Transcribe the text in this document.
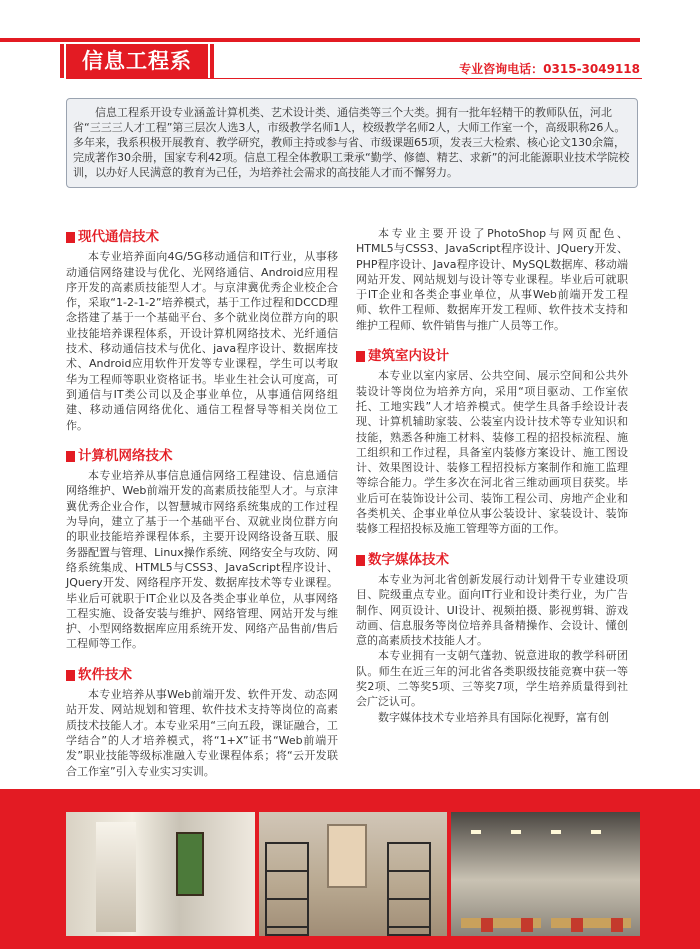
信息工程系	专业咨询电话：0315-3049118
信息工程系开设专业涵盖计算机类、艺术设计类、通信类等三个大类。拥有一批年轻精干的教师队伍，河北省“三三三人才工程”第三层次人选3人，市级教学名师1人，校级教学名师2人，大师工作室一个，高级职称26人。多年来，我系积极开展教育、教学研究，教师主持或参与省、市级课题65项，发表三大检索、核心论文130余篇，完成著作30余册，国家专利42项。信息工程全体教职工秉承“勤学、修德、精艺、求新”的河北能源职业技术学院校训，以办好人民满意的教育为己任，为培养社会需求的高技能人才而不懈努力。
现代通信技术

本专业培养面向4G/5G移动通信和IT行业，从事移动通信网络建设与优化、光网络通信、Android应用程序开发的高素质技能型人才。与京津冀优秀企业校企合作，采取“1-2-1-2”培养模式，基于工作过程和DCCD理念搭建了基于一个基础平台、多个就业岗位群方向的职业技能培养课程体系，开设计算机网络技术、光纤通信技术、移动通信技术与优化、java程序设计、数据库技术、Android应用软件开发等专业课程，学生可以考取华为工程师等职业资格证书。毕业生社会认可度高，可到通信与IT类公司以及企事业单位，从事通信网络组建、移动通信网络优化、通信工程督导等相关岗位工作。

计算机网络技术

本专业培养从事信息通信网络工程建设、信息通信网络维护、Web前端开发的高素质技能型人才。与京津冀优秀企业合作，以智慧城市网络系统集成的工作过程为导向，建立了基于一个基础平台、双就业岗位群方向的职业技能培养课程体系，主要开设网络设备互联、服务器配置与管理、Linux操作系统、网络安全与攻防、网络系统集成、HTML5与CSS3、JavaScript程序设计、JQuery开发、网络程序开发、数据库技术等专业课程。毕业后可就职于IT企业以及各类企事业单位，从事网络工程实施、设备安装与维护、网络管理、网站开发与维护、小型网络数据库应用系统开发、网络产品售前/售后工程师等工作。

软件技术

本专业培养从事Web前端开发、软件开发、动态网站开发、网站规划和管理、软件技术支持等岗位的高素质技术技能人才。本专业采用“三向五段，课证融合，工学结合”的人才培养模式，将“1+X”证书“Web前端开发”职业技能等级标准融入专业课程体系；将“云开发联合工作室”引入专业实习实训。

本专业主要开设了PhotoShop与网页配色、HTML5与CSS3、JavaScript程序设计、JQuery开发、PHP程序设计、Java程序设计、MySQL数据库、移动端网站开发、网站规划与设计等专业课程。毕业后可就职于IT企业和各类企事业单位，从事Web前端开发工程师、软件工程师、数据库开发工程师、软件技术支持和维护工程师、软件销售与推广人员等工作。

建筑室内设计

本专业以室内家居、公共空间、展示空间和公共外装设计等岗位为培养方向，采用“项目驱动、工作室依托、工地实践”人才培养模式。使学生具备手绘设计表现、计算机辅助家装、公装室内设计技术等专业知识和技能，熟悉各种施工材料、装修工程的招投标流程、施工组织和工作过程，具备室内装修方案设计、施工图设计、效果图设计、装修工程招投标方案制作和施工监理等综合能力。学生多次在河北省三维动画项目获奖。毕业后可在装饰设计公司、装饰工程公司、房地产企业和各类机关、企事业单位从事公装设计、家装设计、装饰装修工程招投标及施工管理等方面的工作。

数字媒体技术

本专业为河北省创新发展行动计划骨干专业建设项目、院级重点专业。面向IT行业和设计类行业，为广告制作、网页设计、UI设计、视频拍摄、影视剪辑、游戏动画、信息服务等岗位培养具备精操作、会设计、懂创意的高素质技术技能人才。

本专业拥有一支朝气蓬勃、锐意进取的教学科研团队。师生在近三年的河北省各类职级技能竞赛中获一等奖2项、二等奖5项、三等奖7项，学生培养质量得到社会广泛认可。

数字媒体技术专业培养具有国际化视野，富有创
